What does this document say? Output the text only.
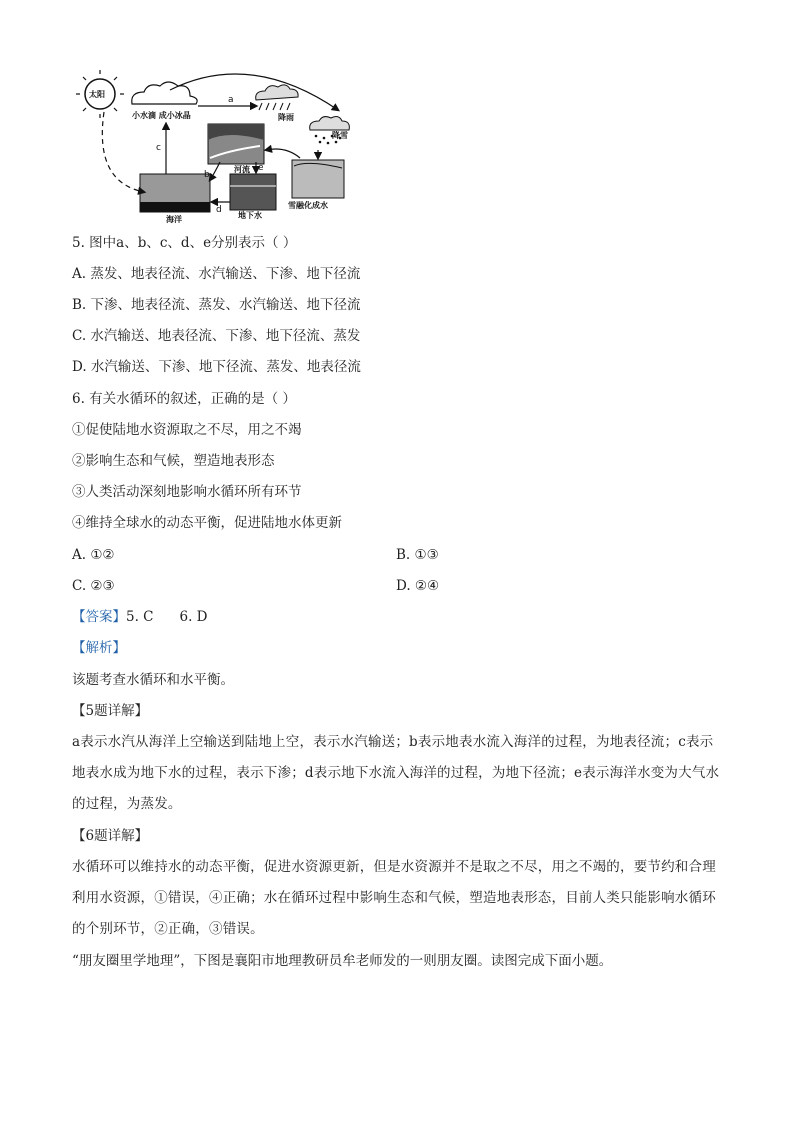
太阳
小水滴 成小冰晶	降雨
降雪
河流
海洋	地下水
雪融化成水
a
b
c
d
e
5. 图中a、b、c、d、e分别表示（ ）
A. 蒸发、地表径流、水汽输送、下渗、地下径流
B. 下渗、地表径流、蒸发、水汽输送、地下径流
C. 水汽输送、地表径流、下渗、地下径流、蒸发
D. 水汽输送、下渗、地下径流、蒸发、地表径流
6. 有关水循环的叙述，正确的是（ ）
①促使陆地水资源取之不尽，用之不竭
②影响生态和气候，塑造地表形态
③人类活动深刻地影响水循环所有环节
④维持全球水的动态平衡，促进陆地水体更新
A. ①②	B. ①③
C. ②③	D. ②④
【答案】5. C 6. D
【解析】
该题考查水循环和水平衡。
【5题详解】
a表示水汽从海洋上空输送到陆地上空，表示水汽输送；b表示地表水流入海洋的过程，为地表径流；c表示地表水成为地下水的过程，表示下渗；d表示地下水流入海洋的过程，为地下径流；e表示海洋水变为大气水的过程，为蒸发。
【6题详解】
水循环可以维持水的动态平衡，促进水资源更新，但是水资源并不是取之不尽，用之不竭的，要节约和合理利用水资源，①错误，④正确；水在循环过程中影响生态和气候，塑造地表形态，目前人类只能影响水循环的个别环节，②正确，③错误。
“朋友圈里学地理”，下图是襄阳市地理教研员牟老师发的一则朋友圈。读图完成下面小题。
